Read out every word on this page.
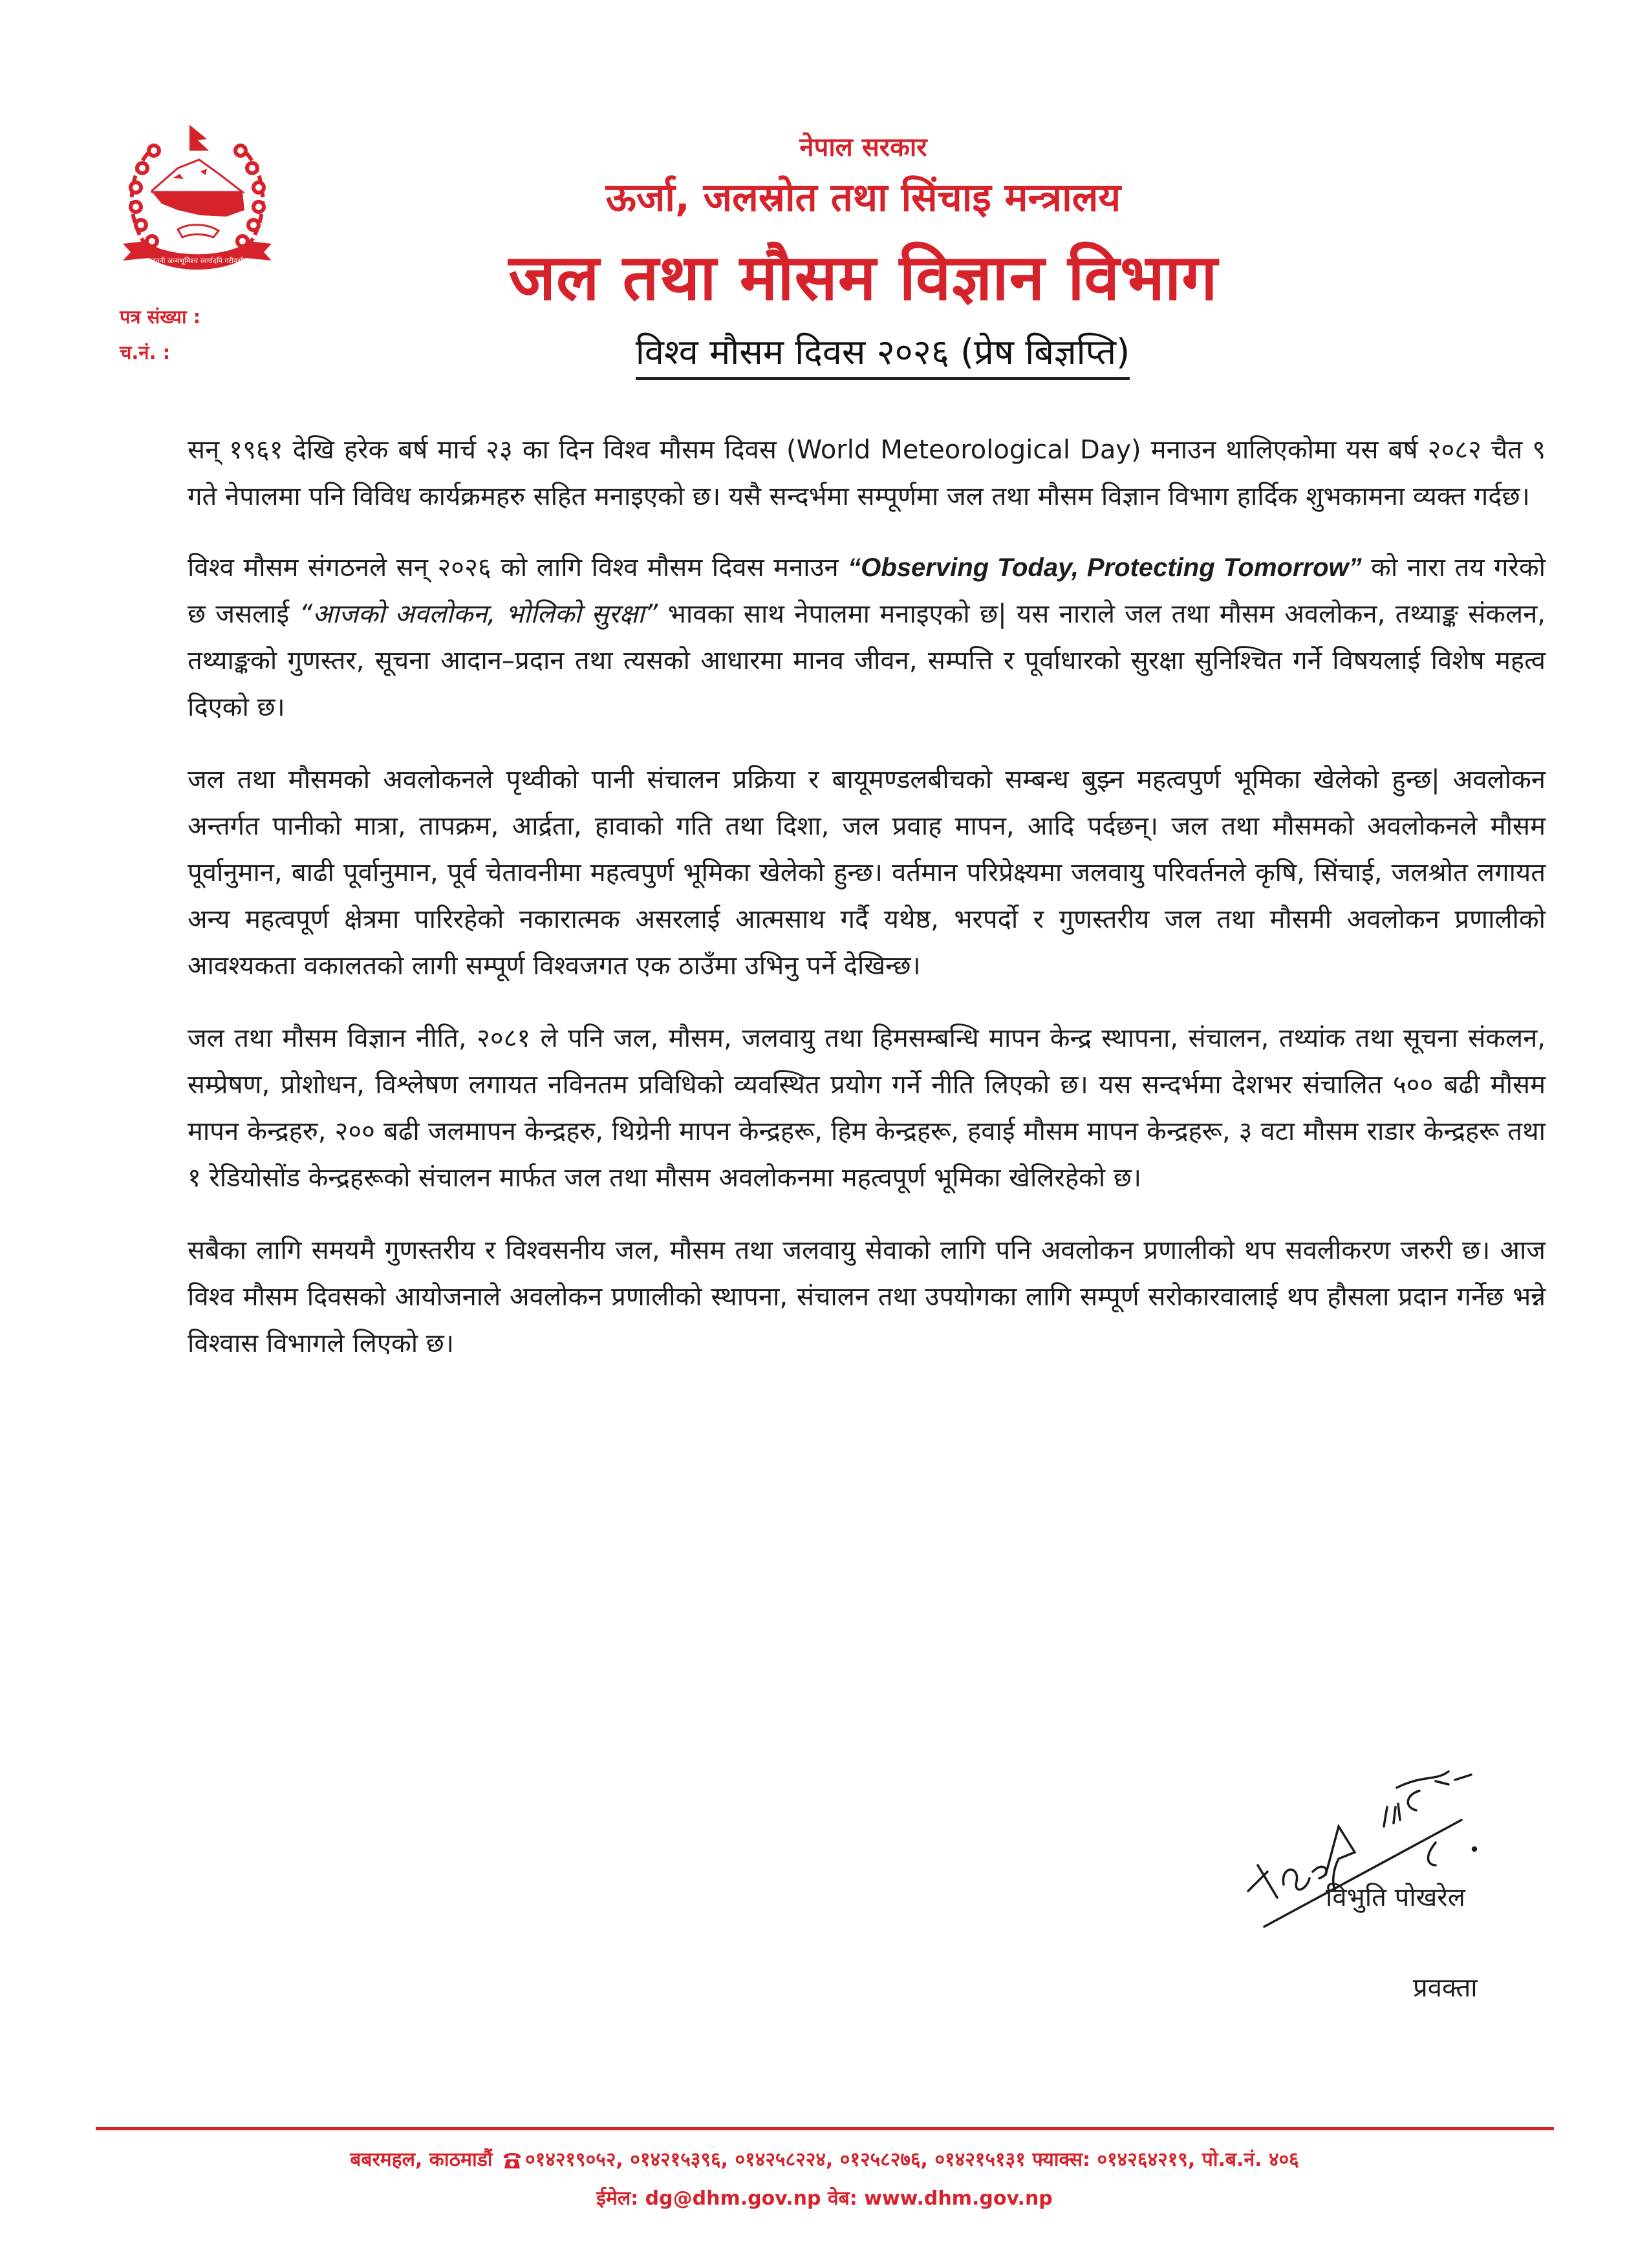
जननी जन्मभूमिश्च स्वर्गादपि गरीयसी
नेपाल सरकार
ऊर्जा, जलस्रोत तथा सिंचाइ मन्त्रालय
जल तथा मौसम विज्ञान विभाग
पत्र संख्या :
च.नं. :	विश्व मौसम दिवस २०२६ (प्रेष बिज्ञप्ति)

सन् १९६१ देखि हरेक बर्ष मार्च २३ का दिन विश्व मौसम दिवस (World Meteorological Day) मनाउन थालिएकोमा यस बर्ष २०८२ चैत ९ गते नेपालमा पनि विविध कार्यक्रमहरु सहित मनाइएको छ। यसै सन्दर्भमा सम्पूर्णमा जल तथा मौसम विज्ञान विभाग हार्दिक शुभकामना व्यक्त गर्दछ।

विश्व मौसम संगठनले सन् २०२६ को लागि विश्व मौसम दिवस मनाउन “Observing Today, Protecting Tomorrow” को नारा तय गरेको छ जसलाई “आजको अवलोकन, भोलिको सुरक्षा” भावका साथ नेपालमा मनाइएको छ| यस नाराले जल तथा मौसम अवलोकन, तथ्याङ्क संकलन, तथ्याङ्कको गुणस्तर, सूचना आदान–प्रदान तथा त्यसको आधारमा मानव जीवन, सम्पत्ति र पूर्वाधारको सुरक्षा सुनिश्चित गर्ने विषयलाई विशेष महत्व दिएको छ।

जल तथा मौसमको अवलोकनले पृथ्वीको पानी संचालन प्रक्रिया र बायूमण्डलबीचको सम्बन्ध बुझ्न महत्वपुर्ण भूमिका खेलेको हुन्छ| अवलोकन अन्तर्गत पानीको मात्रा, तापक्रम, आर्द्रता, हावाको गति तथा दिशा, जल प्रवाह मापन, आदि पर्दछन्। जल तथा मौसमको अवलोकनले मौसम पूर्वानुमान, बाढी पूर्वानुमान, पूर्व चेतावनीमा महत्वपुर्ण भूमिका खेलेको हुन्छ। वर्तमान परिप्रेक्ष्यमा जलवायु परिवर्तनले कृषि, सिंचाई, जलश्रोत लगायत अन्य महत्वपूर्ण क्षेत्रमा पारिरहेको नकारात्मक असरलाई आत्मसाथ गर्दै यथेष्ठ, भरपर्दो र गुणस्तरीय जल तथा मौसमी अवलोकन प्रणालीको आवश्यकता वकालतको लागी सम्पूर्ण विश्वजगत एक ठाउँमा उभिनु पर्ने देखिन्छ।

जल तथा मौसम विज्ञान नीति, २०८१ ले पनि जल, मौसम, जलवायु तथा हिमसम्बन्धि मापन केन्द्र स्थापना, संचालन, तथ्यांक तथा सूचना संकलन, सम्प्रेषण, प्रोशोधन, विश्लेषण लगायत नविनतम प्रविधिको व्यवस्थित प्रयोग गर्ने नीति लिएको छ। यस सन्दर्भमा देशभर संचालित ५०० बढी मौसम मापन केन्द्रहरु, २०० बढी जलमापन केन्द्रहरु, थिग्रेनी मापन केन्द्रहरू, हिम केन्द्रहरू, हवाई मौसम मापन केन्द्रहरू, ३ वटा मौसम राडार केन्द्रहरू तथा १ रेडियोसोंड केन्द्रहरूको संचालन मार्फत जल तथा मौसम अवलोकनमा महत्वपूर्ण भूमिका खेलिरहेको छ।

सबैका लागि समयमै गुणस्तरीय र विश्वसनीय जल, मौसम तथा जलवायु सेवाको लागि पनि अवलोकन प्रणालीको थप सवलीकरण जरुरी छ। आज विश्व मौसम दिवसको आयोजनाले अवलोकन प्रणालीको स्थापना, संचालन तथा उपयोगका लागि सम्पूर्ण सरोकारवालाई थप हौसला प्रदान गर्नेछ भन्ने विश्वास विभागले लिएको छ।

विभुति पोखरेल
प्रवक्ता
बबरमहल, काठमाडौं ०१४२१९०५२, ०१४२१५३९६, ०१४२५८२२४, ०१२५८२७६, ०१४२१५१३१ फ्याक्स: ०१४२६४२१९, पो.ब.नं. ४०६
ईमेल: dg@dhm.gov.np वेब: www.dhm.gov.np
